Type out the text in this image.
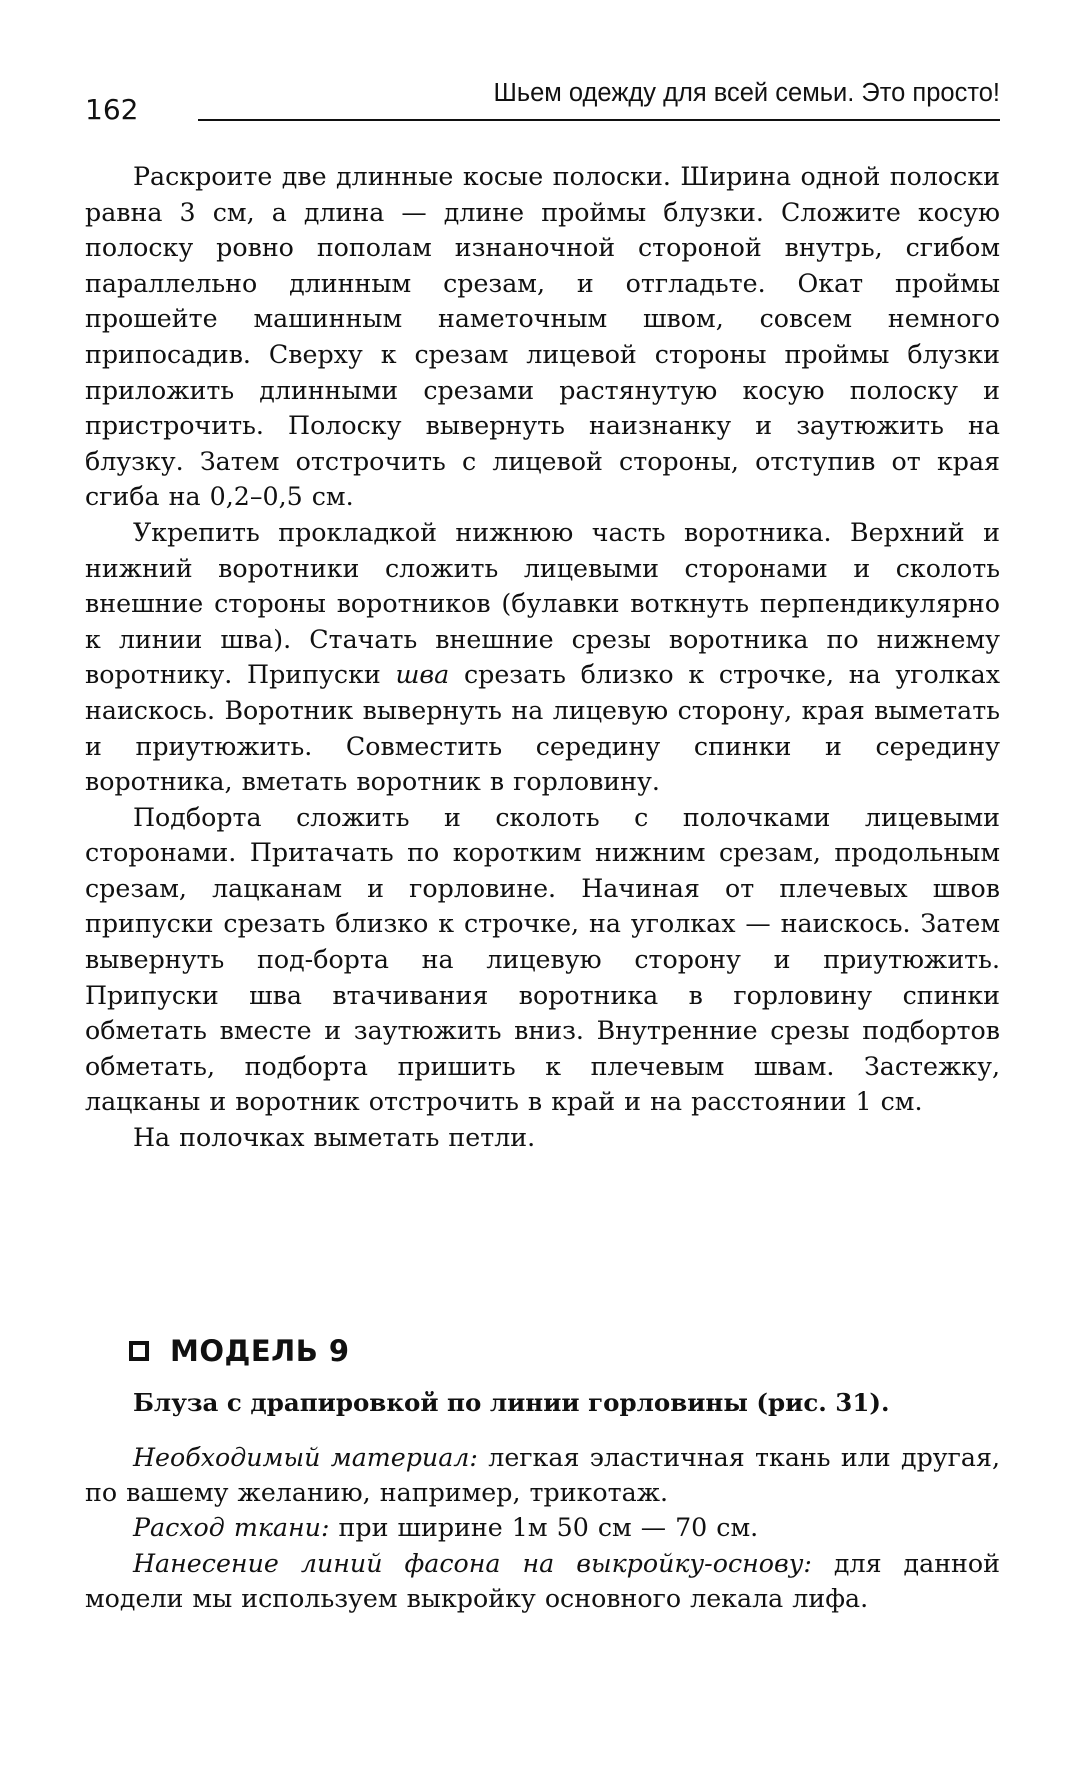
162	Шьем одежду для всей семьи. Это просто!

Раскроите две длинные косые полоски. Ширина одной полоски равна 3 см, а длина — длине проймы блузки. Сложите косую полоску ровно пополам изнаночной стороной внутрь, сгибом параллельно длинным срезам, и отгладьте. Окат проймы прошейте машинным наметочным швом, совсем немного припосадив. Сверху к срезам лицевой стороны проймы блузки приложить длинными срезами растянутую косую полоску и пристрочить. Полоску вывернуть наизнанку и заутюжить на блузку. Затем отстрочить с лицевой стороны, отступив от края сгиба на 0,2–0,5 см.

Укрепить прокладкой нижнюю часть воротника. Верхний и нижний воротники сложить лицевыми сторонами и сколоть внешние стороны воротников (булавки воткнуть перпендикулярно к линии шва). Стачать внешние срезы воротника по нижнему воротнику. Припуски шва срезать близко к строчке, на уголках наискось. Воротник вывернуть на лицевую сторону, края выметать и приутюжить. Совместить середину спинки и середину воротника, вметать воротник в горловину.

Подборта сложить и сколоть с полочками лицевыми сторонами. Притачать по коротким нижним срезам, продольным срезам, лацканам и горловине. Начиная от плечевых швов припуски срезать близко к строчке, на уголках — наискось. Затем вывернуть под-борта на лицевую сторону и приутюжить. Припуски шва втачивания воротника в горловину спинки обметать вместе и заутюжить вниз. Внутренние срезы подбортов обметать, подборта пришить к плечевым швам. Застежку, лацканы и воротник отстрочить в край и на расстоянии 1 см.

На полочках выметать петли.

МОДЕЛЬ 9
Блуза с драпировкой по линии горловины (рис. 31).

Необходимый материал: легкая эластичная ткань или другая, по вашему желанию, например, трикотаж.

Расход ткани: при ширине 1м 50 см — 70 см.

Нанесение линий фасона на выкройку-основу: для данной модели мы используем выкройку основного лекала лифа.
